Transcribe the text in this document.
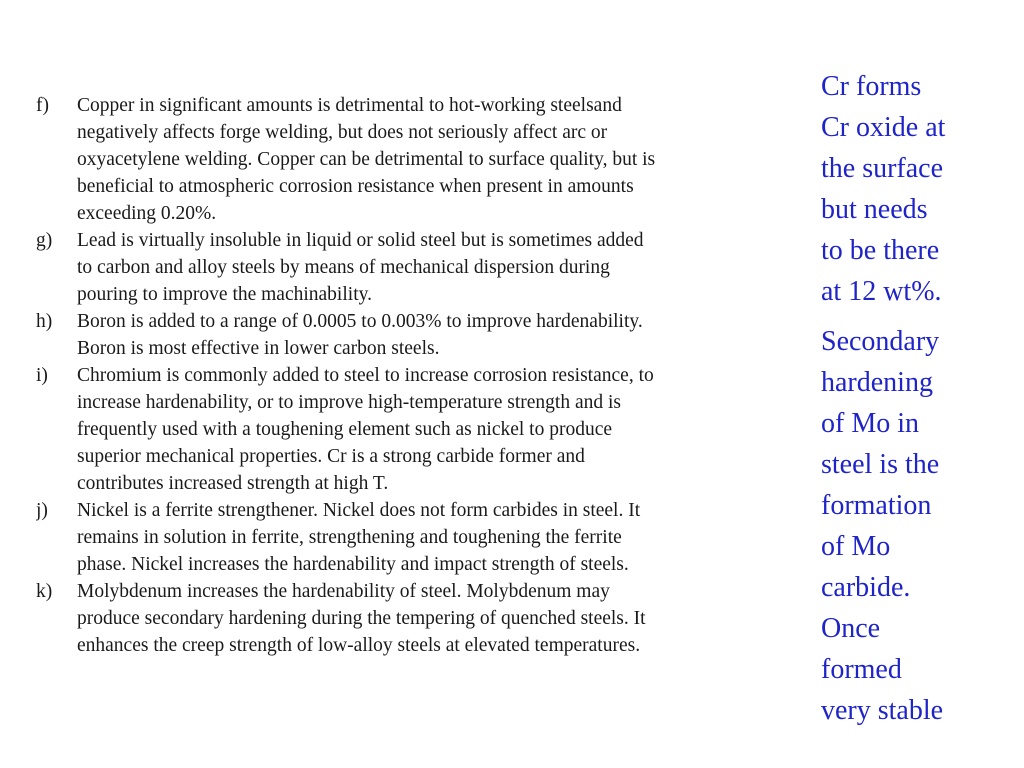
f)	Copper in significant amounts is detrimental to hot-working steelsand
negatively affects forge welding, but does not seriously affect arc or
oxyacetylene welding. Copper can be detrimental to surface quality, but is
beneficial to atmospheric corrosion resistance when present in amounts
exceeding 0.20%.
g)	Lead is virtually insoluble in liquid or solid steel but is sometimes added
to carbon and alloy steels by means of mechanical dispersion during
pouring to improve the machinability.
h)	Boron is added to a range of 0.0005 to 0.003% to improve hardenability.
Boron is most effective in lower carbon steels.
i)	Chromium is commonly added to steel to increase corrosion resistance, to
increase hardenability, or to improve high-temperature strength and is
frequently used with a toughening element such as nickel to produce
superior mechanical properties. Cr is a strong carbide former and
contributes increased strength at high T.
j)	Nickel is a ferrite strengthener. Nickel does not form carbides in steel. It
remains in solution in ferrite, strengthening and toughening the ferrite
phase. Nickel increases the hardenability and impact strength of steels.
k)	Molybdenum increases the hardenability of steel. Molybdenum may
produce secondary hardening during the tempering of quenched steels. It
enhances the creep strength of low-alloy steels at elevated temperatures.
Cr forms
Cr oxide at
the surface
but needs
to be there
at 12 wt%.
Secondary
hardening
of Mo in
steel is the
formation
of Mo
carbide.
Once
formed
very stable
